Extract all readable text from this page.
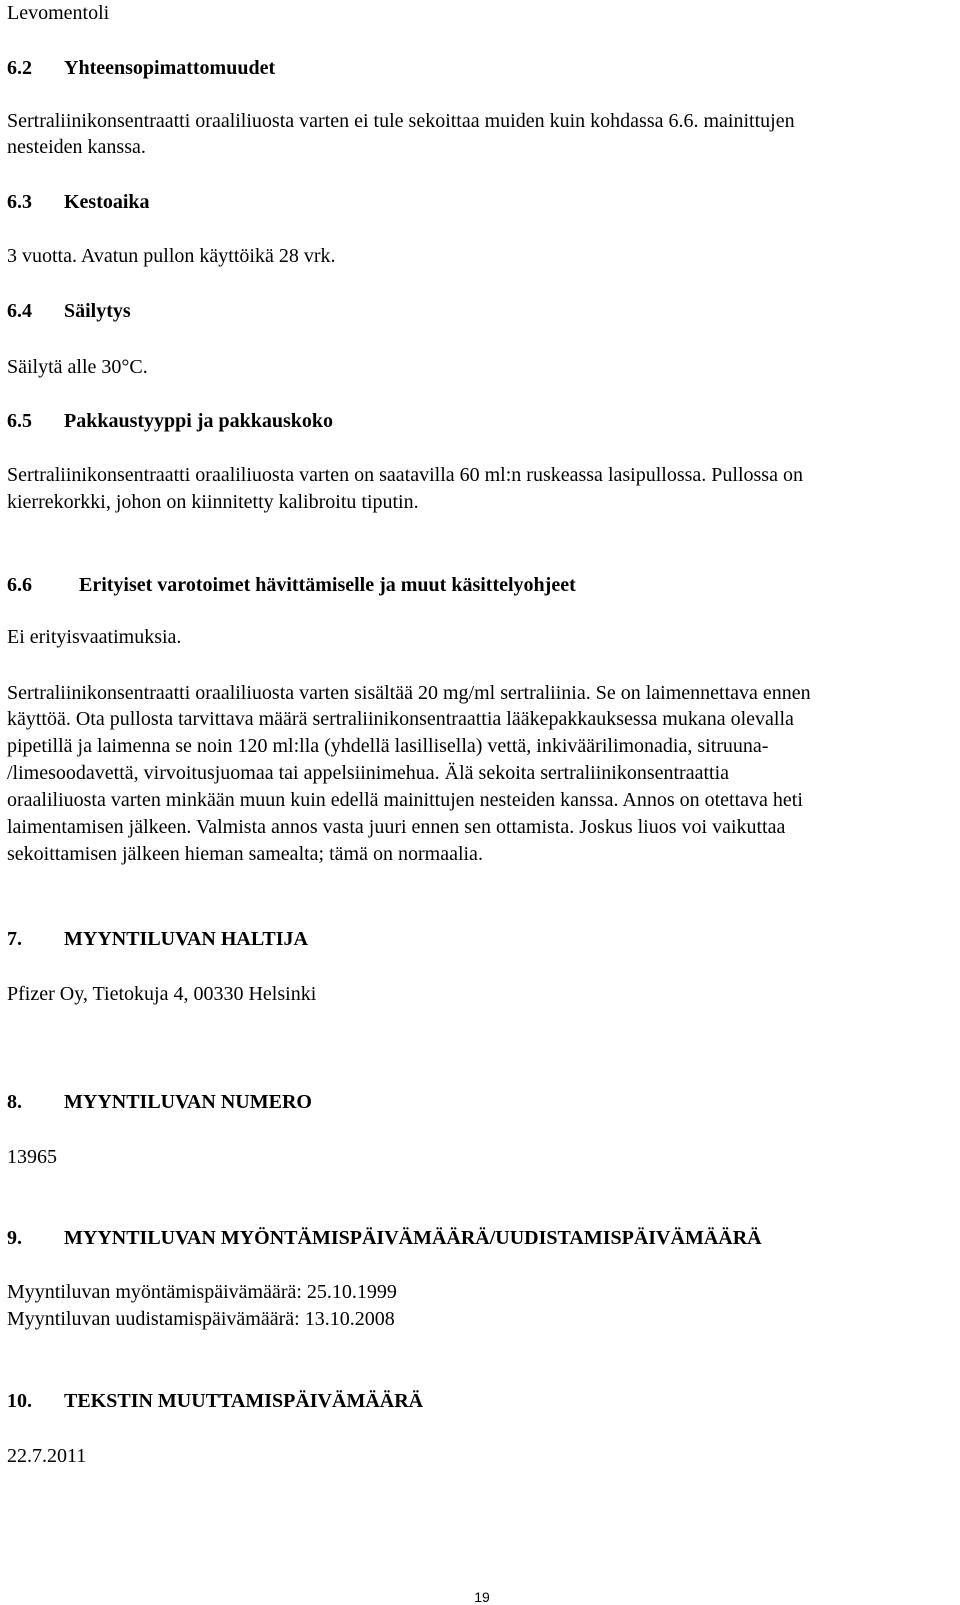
Levomentoli
6.2 Yhteensopimattomuudet
Sertraliinikonsentraatti oraaliliuosta varten ei tule sekoittaa muiden kuin kohdassa 6.6. mainittujen
nesteiden kanssa.
6.3 Kestoaika
3 vuotta. Avatun pullon käyttöikä 28 vrk.
6.4 Säilytys
Säilytä alle 30°C.
6.5 Pakkaustyyppi ja pakkauskoko
Sertraliinikonsentraatti oraaliliuosta varten on saatavilla 60 ml:n ruskeassa lasipullossa. Pullossa on
kierrekorkki, johon on kiinnitetty kalibroitu tiputin.
6.6 Erityiset varotoimet hävittämiselle ja muut käsittelyohjeet
Ei erityisvaatimuksia.
Sertraliinikonsentraatti oraaliliuosta varten sisältää 20 mg/ml sertraliinia. Se on laimennettava ennen
käyttöä. Ota pullosta tarvittava määrä sertraliinikonsentraattia lääkepakkauksessa mukana olevalla
pipetillä ja laimenna se noin 120 ml:lla (yhdellä lasillisella) vettä, inkiväärilimonadia, sitruuna-
/limesoodavettä, virvoitusjuomaa tai appelsiinimehua. Älä sekoita sertraliinikonsentraattia
oraaliliuosta varten minkään muun kuin edellä mainittujen nesteiden kanssa. Annos on otettava heti
laimentamisen jälkeen. Valmista annos vasta juuri ennen sen ottamista. Joskus liuos voi vaikuttaa
sekoittamisen jälkeen hieman samealta; tämä on normaalia.
7. MYYNTILUVAN HALTIJA
Pfizer Oy, Tietokuja 4, 00330 Helsinki
8. MYYNTILUVAN NUMERO
13965
9. MYYNTILUVAN MYÖNTÄMISPÄIVÄMÄÄRÄ/UUDISTAMISPÄIVÄMÄÄRÄ
Myyntiluvan myöntämispäivämäärä: 25.10.1999
Myyntiluvan uudistamispäivämäärä: 13.10.2008
10. TEKSTIN MUUTTAMISPÄIVÄMÄÄRÄ
22.7.2011
19
